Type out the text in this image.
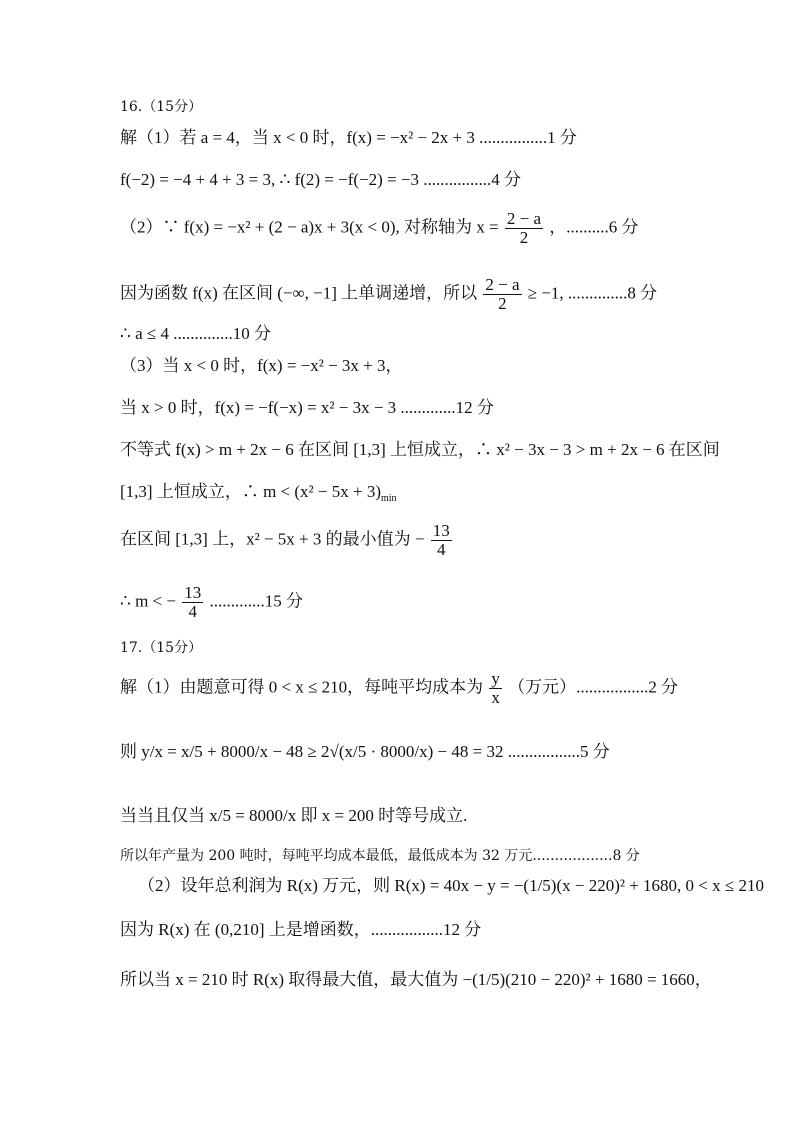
16.（15分）
解（1）若 a = 4，当 x < 0 时，f(x) = −x² − 2x + 3 ................1 分
f(−2) = −4 + 4 + 3 = 3, ∴ f(2) = −f(−2) = −3 ................4 分
（2）∵ f(x) = −x² + (2 − a)x + 3(x < 0), 对称轴为 $x = \frac{2 - a}{2}$ ，..........6 分
因为函数 f(x) 在区间 (−∞, −1] 上单调递增，所以 $\frac{2 - a}{2} \ge -1$, ..............8 分
∴ a ≤ 4 ..............10 分
（3）当 x < 0 时，f(x) = −x² − 3x + 3，
当 x > 0 时，f(x) = −f(−x) = x² − 3x − 3 .............12 分
不等式 f(x) > m + 2x − 6 在区间 [1,3] 上恒成立，∴ x² − 3x − 3 > m + 2x − 6 在区间
[1,3] 上恒成立，∴ $m < (x^2 - 5x + 3)_{min}$
在区间 [1,3] 上，x² − 5x + 3 的最小值为 − $\frac{13}{4}$
∴ m < − $\frac{13}{4} .............15$ 分
17.（15分）
解（1）由题意可得 0 < x ≤ 210，每吨平均成本为 $\frac{y}{x}$ （万元）.................2 分
则 y/x = x/5 + 8000/x − 48 ≥ 2√(x/5 · 8000/x) − 48 = 32 .................5 分
当当且仅当 x/5 = 8000/x 即 x = 200 时等号成立.
所以年产量为 200 吨时，每吨平均成本最低，最低成本为 32 万元..................8 分
（2）设年总利润为 R(x) 万元，则 R(x) = 40x − y = −(1/5)(x − 220)² + 1680, 0 < x ≤ 210
因为 R(x) 在 (0,210] 上是增函数，.................12 分
所以当 x = 210 时 R(x) 取得最大值，最大值为 −(1/5)(210 − 220)² + 1680 = 1660，
